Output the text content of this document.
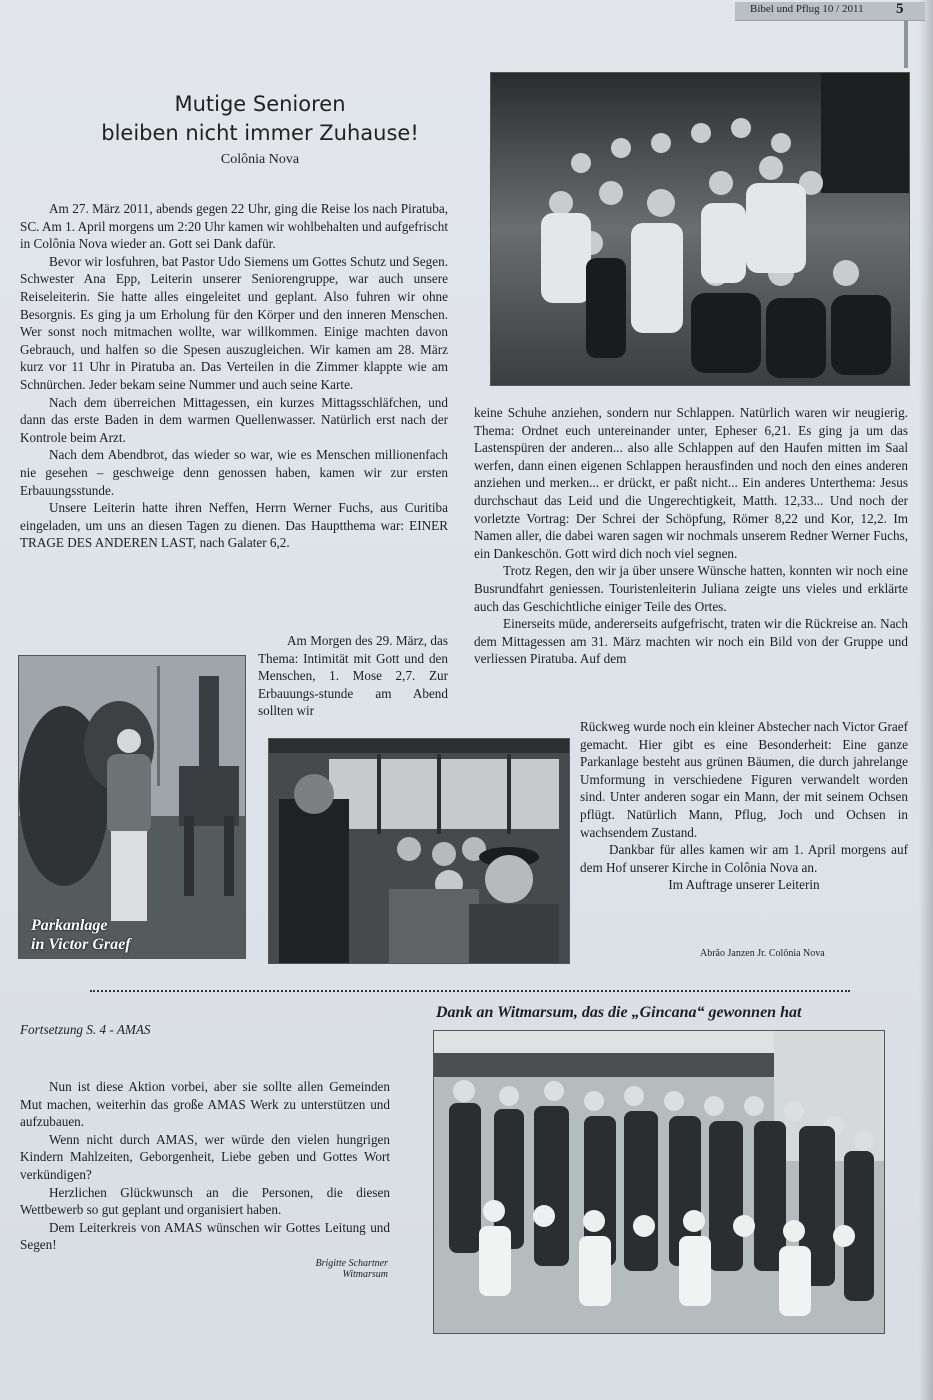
Bibel und Pflug 10 / 2011 5
Mutige Senioren
bleiben nicht immer Zuhause!
Colônia Nova

Am 27. März 2011, abends gegen 22 Uhr, ging die Reise los nach Piratuba, SC. Am 1. April morgens um 2:20 Uhr kamen wir wohlbehalten und aufgefrischt in Colônia Nova wieder an. Gott sei Dank dafür.

Bevor wir losfuhren, bat Pastor Udo Siemens um Gottes Schutz und Segen. Schwester Ana Epp, Leiterin unserer Seniorengruppe, war auch unsere Reiseleiterin. Sie hatte alles eingeleitet und geplant. Also fuhren wir ohne Besorgnis. Es ging ja um Erholung für den Körper und den inneren Menschen. Wer sonst noch mitmachen wollte, war willkommen. Einige machten davon Gebrauch, und halfen so die Spesen auszugleichen. Wir kamen am 28. März kurz vor 11 Uhr in Piratuba an. Das Verteilen in die Zimmer klappte wie am Schnürchen. Jeder bekam seine Nummer und auch seine Karte.

Nach dem überreichen Mittagessen, ein kurzes Mittagsschläfchen, und dann das erste Baden in dem warmen Quellenwasser. Natürlich erst nach der Kontrole beim Arzt.

Nach dem Abendbrot, das wieder so war, wie es Menschen millionenfach nie gesehen – geschweige denn genossen haben, kamen wir zur ersten Erbauungsstunde.

Unsere Leiterin hatte ihren Neffen, Herrn Werner Fuchs, aus Curitiba eingeladen, um uns an diesen Tagen zu dienen. Das Hauptthema war: EINER TRAGE DES ANDEREN LAST, nach Galater 6,2.

Am Morgen des 29. März, das Thema: Intimität mit Gott und den Menschen, 1. Mose 2,7. Zur Erbauungs-stunde am Abend sollten wir

Parkanlage
in Victor Graef

keine Schuhe anziehen, sondern nur Schlappen. Natürlich waren wir neugierig. Thema: Ordnet euch untereinander unter, Epheser 6,21. Es ging ja um das Lastenspüren der anderen... also alle Schlappen auf den Haufen mitten im Saal werfen, dann einen eigenen Schlappen herausfinden und noch den eines anderen anziehen und merken... er drückt, er paßt nicht... Ein anderes Unterthema: Jesus durchschaut das Leid und die Ungerechtigkeit, Matth. 12,33... Und noch der vorletzte Vortrag: Der Schrei der Schöpfung, Römer 8,22 und Kor, 12,2. Im Namen aller, die dabei waren sagen wir nochmals unserem Redner Werner Fuchs, ein Dankeschön. Gott wird dich noch viel segnen.

Trotz Regen, den wir ja über unsere Wünsche hatten, konnten wir noch eine Busrundfahrt geniessen. Touristenleiterin Juliana zeigte uns vieles und erklärte auch das Geschichtliche einiger Teile des Ortes.

Einerseits müde, andererseits aufgefrischt, traten wir die Rückreise an. Nach dem Mittagessen am 31. März machten wir noch ein Bild von der Gruppe und verliessen Piratuba. Auf dem

Rückweg wurde noch ein kleiner Abstecher nach Victor Graef gemacht. Hier gibt es eine Besonderheit: Eine ganze Parkanlage besteht aus grünen Bäumen, die durch jahrelange Umformung in verschiedene Figuren verwandelt worden sind. Unter anderen sogar ein Mann, der mit seinem Ochsen pflügt. Natürlich Mann, Pflug, Joch und Ochsen in wachsendem Zustand.

Dankbar für alles kamen wir am 1. April morgens auf dem Hof unserer Kirche in Colônia Nova an.

Im Auftrage unserer Leiterin

Abrão Janzen Jr. Colônia Nova
Fortsetzung S. 4 - AMAS

Nun ist diese Aktion vorbei, aber sie sollte allen Gemeinden Mut machen, weiterhin das große AMAS Werk zu unterstützen und aufzubauen.

Wenn nicht durch AMAS, wer würde den vielen hungrigen Kindern Mahlzeiten, Geborgenheit, Liebe geben und Gottes Wort verkündigen?

Herzlichen Glückwunsch an die Personen, die diesen Wettbewerb so gut geplant und organisiert haben.

Dem Leiterkreis von AMAS wünschen wir Gottes Leitung und Segen!

Brigitte Schartner
Witmarsum
Dank an Witmarsum, das die „Gincana“ gewonnen hat
